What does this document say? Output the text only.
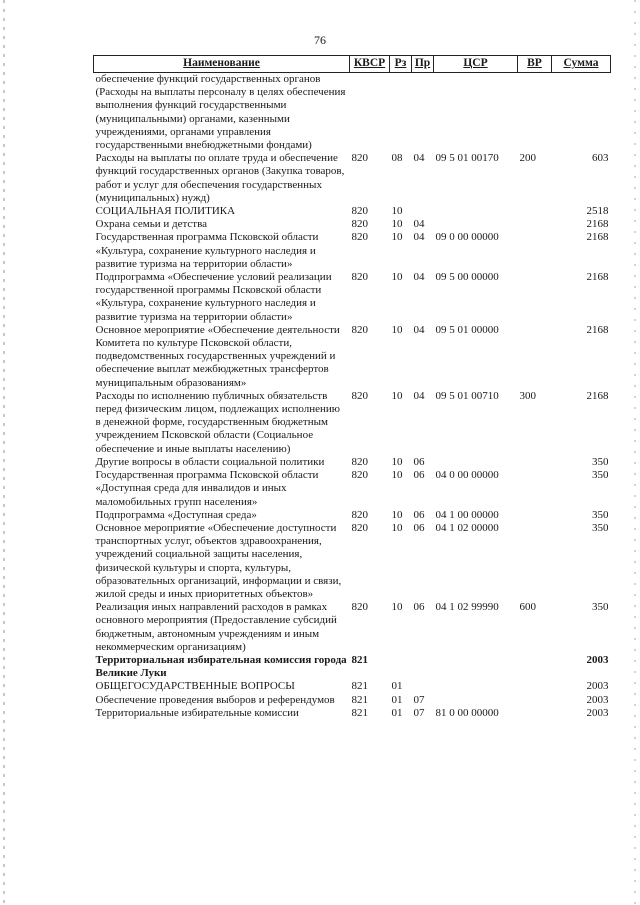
76
Наименование	КВСР	Рз	Пр	ЦСР	ВР	Сумма
обеспечение функций государственных органов (Расходы на выплаты персоналу в целях обеспечения выполнения функций государственными (муниципальными) органами, казенными учреждениями, органами управления государственными внебюджетными фондами)						
Расходы на выплаты по оплате труда и обеспечение функций государственных органов (Закупка товаров, работ и услуг для обеспечения государственных (муниципальных) нужд)	820	08	04	09 5 01 00170	200	603
СОЦИАЛЬНАЯ ПОЛИТИКА	820	10				2518
Охрана семьи и детства	820	10	04			2168
Государственная программа Псковской области «Культура, сохранение культурного наследия и развитие туризма на территории области»	820	10	04	09 0 00 00000		2168
Подпрограмма «Обеспечение условий реализации государственной программы Псковской области «Культура, сохранение культурного наследия и развитие туризма на территории области»	820	10	04	09 5 00 00000		2168
Основное мероприятие «Обеспечение деятельности Комитета по культуре Псковской области, подведомственных государственных учреждений и обеспечение выплат межбюджетных трансфертов муниципальным образованиям»	820	10	04	09 5 01 00000		2168
Расходы по исполнению публичных обязательств перед физическим лицом, подлежащих исполнению в денежной форме, государственным бюджетным учреждением Псковской области (Социальное обеспечение и иные выплаты населению)	820	10	04	09 5 01 00710	300	2168
Другие вопросы в области социальной политики	820	10	06			350
Государственная программа Псковской области «Доступная среда для инвалидов и иных маломобильных групп населения»	820	10	06	04 0 00 00000		350
Подпрограмма «Доступная среда»	820	10	06	04 1 00 00000		350
Основное мероприятие «Обеспечение доступности транспортных услуг, объектов здравоохранения, учреждений социальной защиты населения, физической культуры и спорта, культуры, образовательных организаций, информации и связи, жилой среды и иных приоритетных объектов»	820	10	06	04 1 02 00000		350
Реализация иных направлений расходов в рамках основного мероприятия (Предоставление субсидий бюджетным, автономным учреждениям и иным некоммерческим организациям)	820	10	06	04 1 02 99990	600	350
Территориальная избирательная комиссия города Великие Луки	821					2003
ОБЩЕГОСУДАРСТВЕННЫЕ ВОПРОСЫ	821	01				2003
Обеспечение проведения выборов и референдумов	821	01	07			2003
Территориальные избирательные комиссии	821	01	07	81 0 00 00000		2003
